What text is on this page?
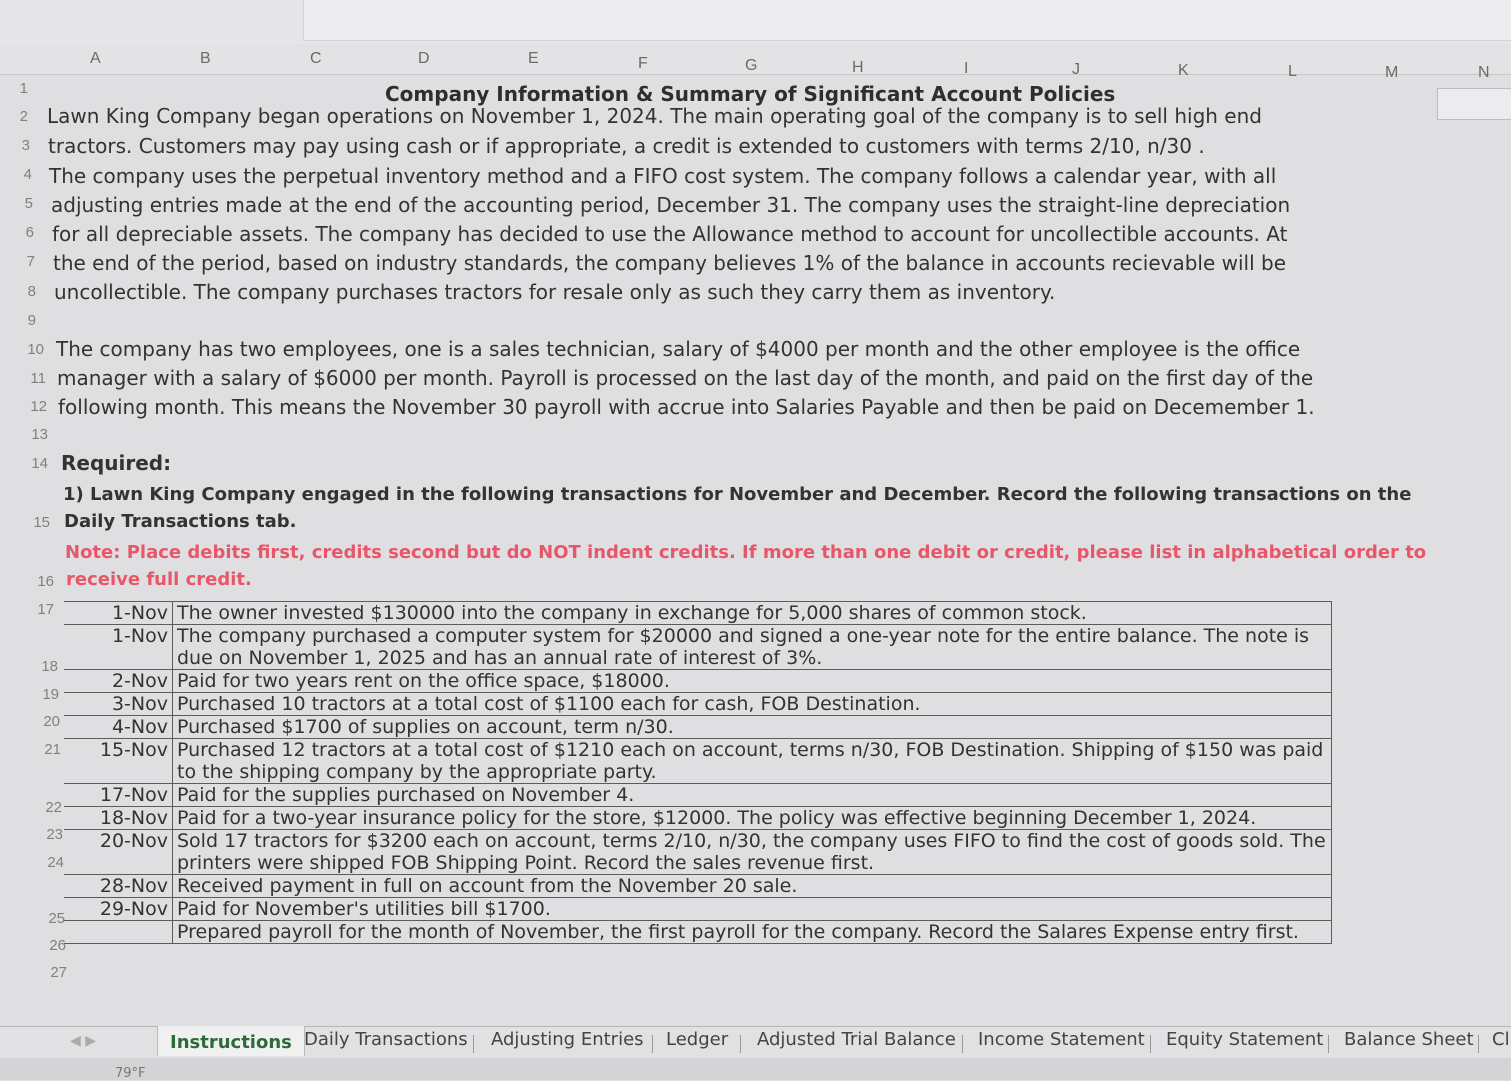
A	B	C	D	E	F	G	H	I	J	K	L	M	N
1
9
13
14
15
16
Company Information & Summary of Significant Account Policies
2 Lawn King Company began operations on November 1, 2024. The main operating goal of the company is to sell high end
3 tractors. Customers may pay using cash or if appropriate, a credit is extended to customers with terms 2/10, n/30 .
4 The company uses the perpetual inventory method and a FIFO cost system. The company follows a calendar year, with all
5 adjusting entries made at the end of the accounting period, December 31. The company uses the straight-line depreciation
6 for all depreciable assets. The company has decided to use the Allowance method to account for uncollectible accounts. At
7 the end of the period, based on industry standards, the company believes 1% of the balance in accounts recievable will be
8 uncollectible. The company purchases tractors for resale only as such they carry them as inventory.
10 The company has two employees, one is a sales technician, salary of $4000 per month and the other employee is the office
11 manager with a salary of $6000 per month. Payroll is processed on the last day of the month, and paid on the first day of the
12 following month. This means the November 30 payroll with accrue into Salaries Payable and then be paid on Decemember 1.
Required:
1) Lawn King Company engaged in the following transactions for November and December. Record the following transactions on the
Daily Transactions tab.
Note: Place debits first, credits second but do NOT indent credits. If more than one debit or credit, please list in alphabetical order to
receive full credit.
17
18
19
20
21
22
23
24
25
26
27
1-Nov	The owner invested $130000 into the company in exchange for 5,000 shares of common stock.
1-Nov	The company purchased a computer system for $20000 and signed a one-year note for the entire balance. The note is due on November 1, 2025 and has an annual rate of interest of 3%.
2-Nov	Paid for two years rent on the office space, $18000.
3-Nov	Purchased 10 tractors at a total cost of $1100 each for cash, FOB Destination.
4-Nov	Purchased $1700 of supplies on account, term n/30.
15-Nov	Purchased 12 tractors at a total cost of $1210 each on account, terms n/30, FOB Destination. Shipping of $150 was paid to the shipping company by the appropriate party.
17-Nov	Paid for the supplies purchased on November 4.
18-Nov	Paid for a two-year insurance policy for the store, $12000. The policy was effective beginning December 1, 2024.
20-Nov	Sold 17 tractors for $3200 each on account, terms 2/10, n/30, the company uses FIFO to find the cost of goods sold. The printers were shipped FOB Shipping Point. Record the sales revenue first.
28-Nov	Received payment in full on account from the November 20 sale.
29-Nov	Paid for November's utilities bill $1700.
	Prepared payroll for the month of November, the first payroll for the company. Record the Salares Expense entry first.
◀ ▶	Instructions Daily Transactions Adjusting Entries Ledger Adjusted Trial Balance Income Statement Equity Statement Balance Sheet Cl
79°F
